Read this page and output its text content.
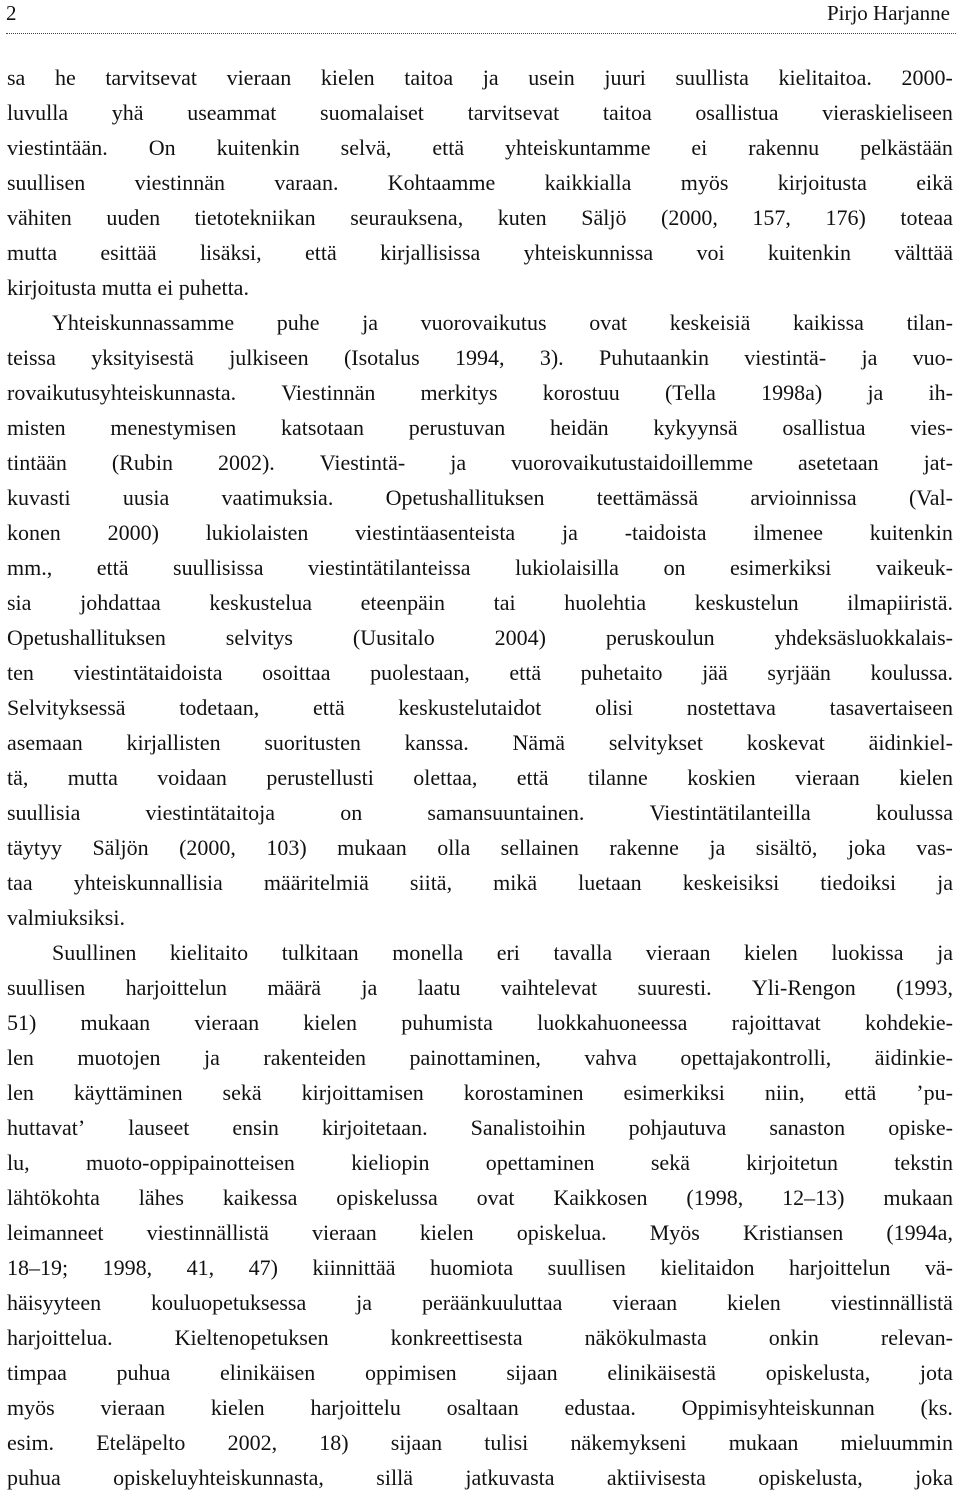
2	Pirjo Harjanne
sa he tarvitsevat vieraan kielen taitoa ja usein juuri suullista kielitaitoa. 2000-
luvulla yhä useammat suomalaiset tarvitsevat taitoa osallistua vieraskieliseen
viestintään. On kuitenkin selvä, että yhteiskuntamme ei rakennu pelkästään
suullisen viestinnän varaan. Kohtaamme kaikkialla myös kirjoitusta eikä
vähiten uuden tietotekniikan seurauksena, kuten Säljö (2000, 157, 176) toteaa
mutta esittää lisäksi, että kirjallisissa yhteiskunnissa voi kuitenkin välttää
kirjoitusta mutta ei puhetta.
Yhteiskunnassamme puhe ja vuorovaikutus ovat keskeisiä kaikissa tilan-
teissa yksityisestä julkiseen (Isotalus 1994, 3). Puhutaankin viestintä- ja vuo-
rovaikutusyhteiskunnasta. Viestinnän merkitys korostuu (Tella 1998a) ja ih-
misten menestymisen katsotaan perustuvan heidän kykyynsä osallistua vies-
tintään (Rubin 2002). Viestintä- ja vuorovaikutustaidoillemme asetetaan jat-
kuvasti uusia vaatimuksia. Opetushallituksen teettämässä arvioinnissa (Val-
konen 2000) lukiolaisten viestintäasenteista ja -taidoista ilmenee kuitenkin
mm., että suullisissa viestintätilanteissa lukiolaisilla on esimerkiksi vaikeuk-
sia johdattaa keskustelua eteenpäin tai huolehtia keskustelun ilmapiiristä.
Opetushallituksen	selvitys	(Uusitalo	2004)	peruskoulun	yhdeksäsluokkalais-
ten viestintätaidoista osoittaa puolestaan, että puhetaito jää syrjään koulussa.
Selvityksessä todetaan, että keskustelutaidot olisi nostettava tasavertaiseen
asemaan kirjallisten suoritusten kanssa. Nämä selvitykset koskevat äidinkiel-
tä, mutta voidaan perustellusti olettaa, että tilanne koskien vieraan kielen
suullisia	viestintätaitoja	on	samansuuntainen.	Viestintätilanteilla	koulussa
täytyy Säljön (2000, 103) mukaan olla sellainen rakenne ja sisältö, joka vas-
taa yhteiskunnallisia määritelmiä siitä, mikä luetaan keskeisiksi tiedoiksi ja
valmiuksiksi.
Suullinen kielitaito tulkitaan monella eri tavalla vieraan kielen luokissa ja
suullisen harjoittelun määrä ja laatu vaihtelevat suuresti. Yli-Rengon (1993,
51) mukaan vieraan kielen puhumista luokkahuoneessa rajoittavat kohdekie-
len muotojen ja rakenteiden painottaminen, vahva opettajakontrolli, äidinkie-
len käyttäminen sekä kirjoittamisen korostaminen esimerkiksi niin, että ’pu-
huttavat’ lauseet ensin kirjoitetaan. Sanalistoihin pohjautuva sanaston opiske-
lu,	muoto-oppipainotteisen	kieliopin	opettaminen	sekä	kirjoitetun	tekstin
lähtökohta lähes kaikessa opiskelussa ovat Kaikkosen (1998, 12–13) mukaan
leimanneet viestinnällistä vieraan kielen opiskelua. Myös Kristiansen (1994a,
18–19; 1998, 41, 47) kiinnittää huomiota suullisen kielitaidon harjoittelun vä-
häisyyteen kouluopetuksessa ja peräänkuuluttaa vieraan kielen viestinnällistä
harjoittelua.	Kieltenopetuksen	konkreettisesta	näkökulmasta	onkin	relevan-
timpaa puhua elinikäisen oppimisen sijaan elinikäisestä opiskelusta, jota
myös vieraan kielen harjoittelu osaltaan edustaa. Oppimisyhteiskunnan (ks.
esim. Eteläpelto 2002, 18) sijaan tulisi näkemykseni mukaan mieluummin
puhua opiskeluyhteiskunnasta, sillä jatkuvasta aktiivisesta opiskelusta, joka
